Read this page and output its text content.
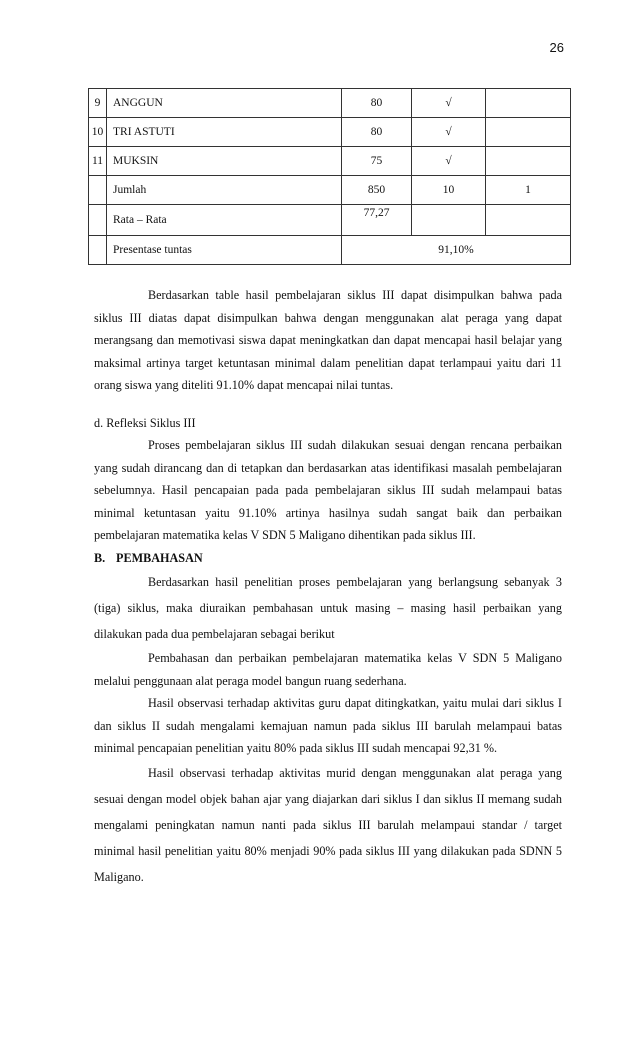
26
9	ANGGUN	80	√	
10	TRI ASTUTI	80	√	
11	MUKSIN	75	√	
	Jumlah	850	10	1
	Rata – Rata	77,27		
	Presentase tuntas	91,10%		

Berdasarkan table hasil pembelajaran siklus III dapat disimpulkan bahwa pada siklus III diatas dapat disimpulkan bahwa dengan menggunakan alat peraga yang dapat merangsang dan memotivasi siswa dapat meningkatkan dan dapat mencapai hasil belajar yang maksimal artinya target ketuntasan minimal dalam penelitian dapat terlampaui yaitu dari 11 orang siswa yang diteliti 91.10% dapat mencapai nilai tuntas.

d. Refleksi Siklus III

Proses pembelajaran siklus III sudah dilakukan sesuai dengan rencana perbaikan yang sudah dirancang dan di tetapkan dan berdasarkan atas identifikasi masalah pembelajaran sebelumnya. Hasil pencapaian pada pada pembelajaran siklus III sudah melampaui batas minimal ketuntasan yaitu 91.10% artinya hasilnya sudah sangat baik dan perbaikan pembelajaran matematika kelas V SDN 5 Maligano dihentikan pada siklus III.

B. PEMBAHASAN

Berdasarkan hasil penelitian proses pembelajaran yang berlangsung sebanyak 3 (tiga) siklus, maka diuraikan pembahasan untuk masing – masing hasil perbaikan yang dilakukan pada dua pembelajaran sebagai berikut

Pembahasan dan perbaikan pembelajaran matematika kelas V SDN 5 Maligano melalui penggunaan alat peraga model bangun ruang sederhana.

Hasil observasi terhadap aktivitas guru dapat ditingkatkan, yaitu mulai dari siklus I dan siklus II sudah mengalami kemajuan namun pada siklus III barulah melampaui batas minimal pencapaian penelitian yaitu 80% pada siklus III sudah mencapai 92,31 %.

Hasil observasi terhadap aktivitas murid dengan menggunakan alat peraga yang sesuai dengan model objek bahan ajar yang diajarkan dari siklus I dan siklus II memang sudah mengalami peningkatan namun nanti pada siklus III barulah melampaui standar / target minimal hasil penelitian yaitu 80% menjadi 90% pada siklus III yang dilakukan pada SDNN 5 Maligano.
